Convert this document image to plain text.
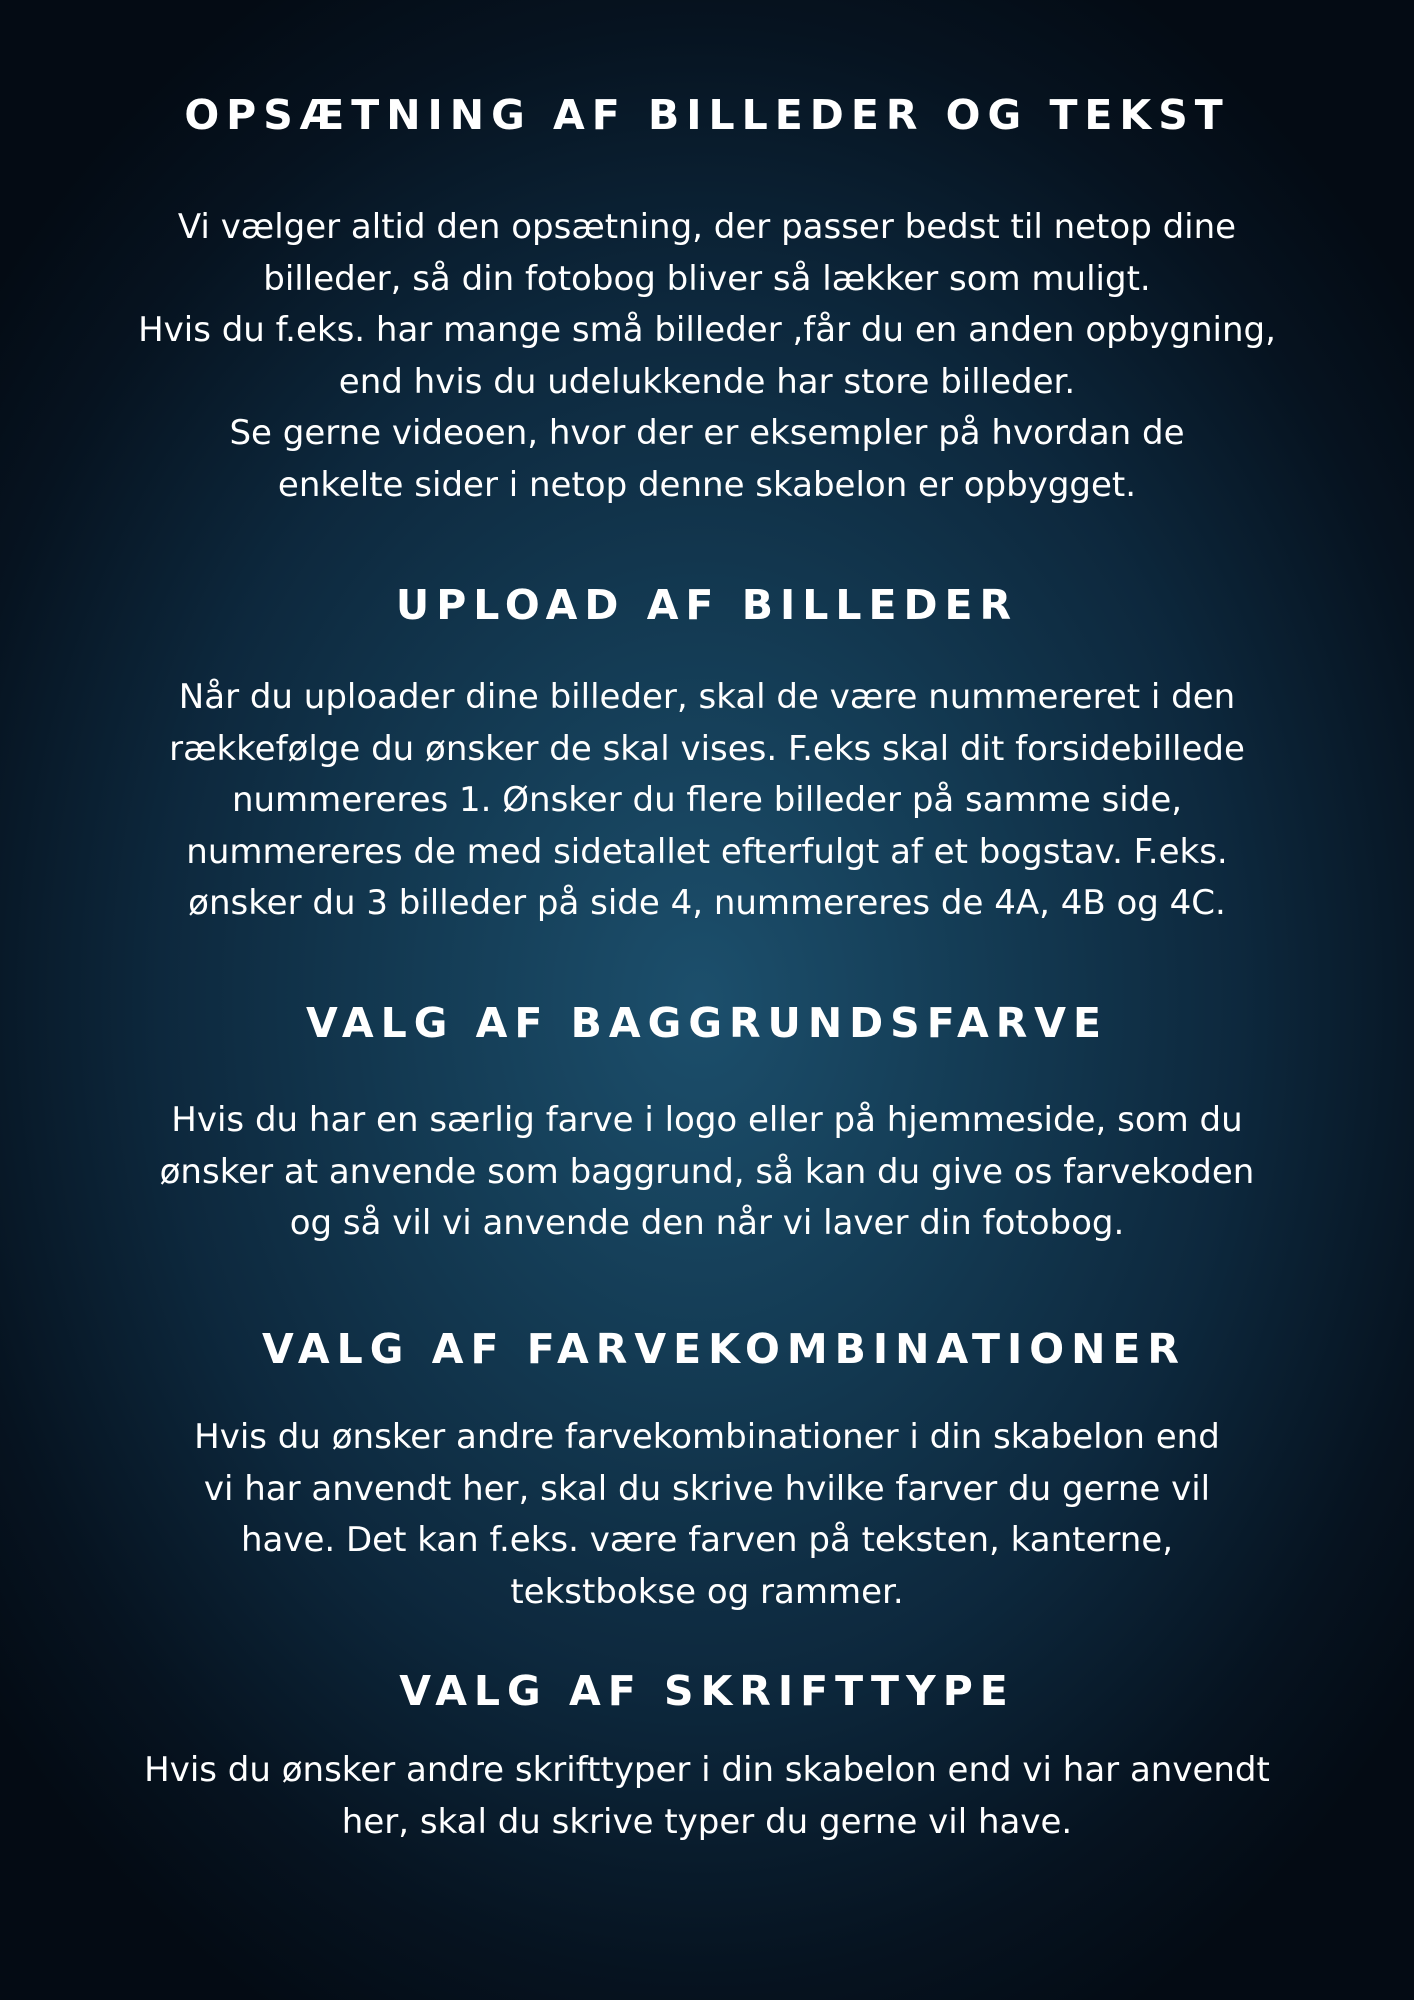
OPSÆTNING AF BILLEDER OG TEKST
Vi vælger altid den opsætning, der passer bedst til netop dine
billeder, så din fotobog bliver så lækker som muligt.
Hvis du f.eks. har mange små billeder ,får du en anden opbygning,
end hvis du udelukkende har store billeder.
Se gerne videoen, hvor der er eksempler på hvordan de
enkelte sider i netop denne skabelon er opbygget.
UPLOAD AF BILLEDER
Når du uploader dine billeder, skal de være nummereret i den
rækkefølge du ønsker de skal vises. F.eks skal dit forsidebillede
nummereres 1. Ønsker du flere billeder på samme side,
nummereres de med sidetallet efterfulgt af et bogstav. F.eks.
ønsker du 3 billeder på side 4, nummereres de 4A, 4B og 4C.
VALG AF BAGGRUNDSFARVE
Hvis du har en særlig farve i logo eller på hjemmeside, som du
ønsker at anvende som baggrund, så kan du give os farvekoden
og så vil vi anvende den når vi laver din fotobog.
VALG AF FARVEKOMBINATIONER
Hvis du ønsker andre farvekombinationer i din skabelon end
vi har anvendt her, skal du skrive hvilke farver du gerne vil
have. Det kan f.eks. være farven på teksten, kanterne,
tekstbokse og rammer.
VALG AF SKRIFTTYPE
Hvis du ønsker andre skrifttyper i din skabelon end vi har anvendt
her, skal du skrive typer du gerne vil have.
